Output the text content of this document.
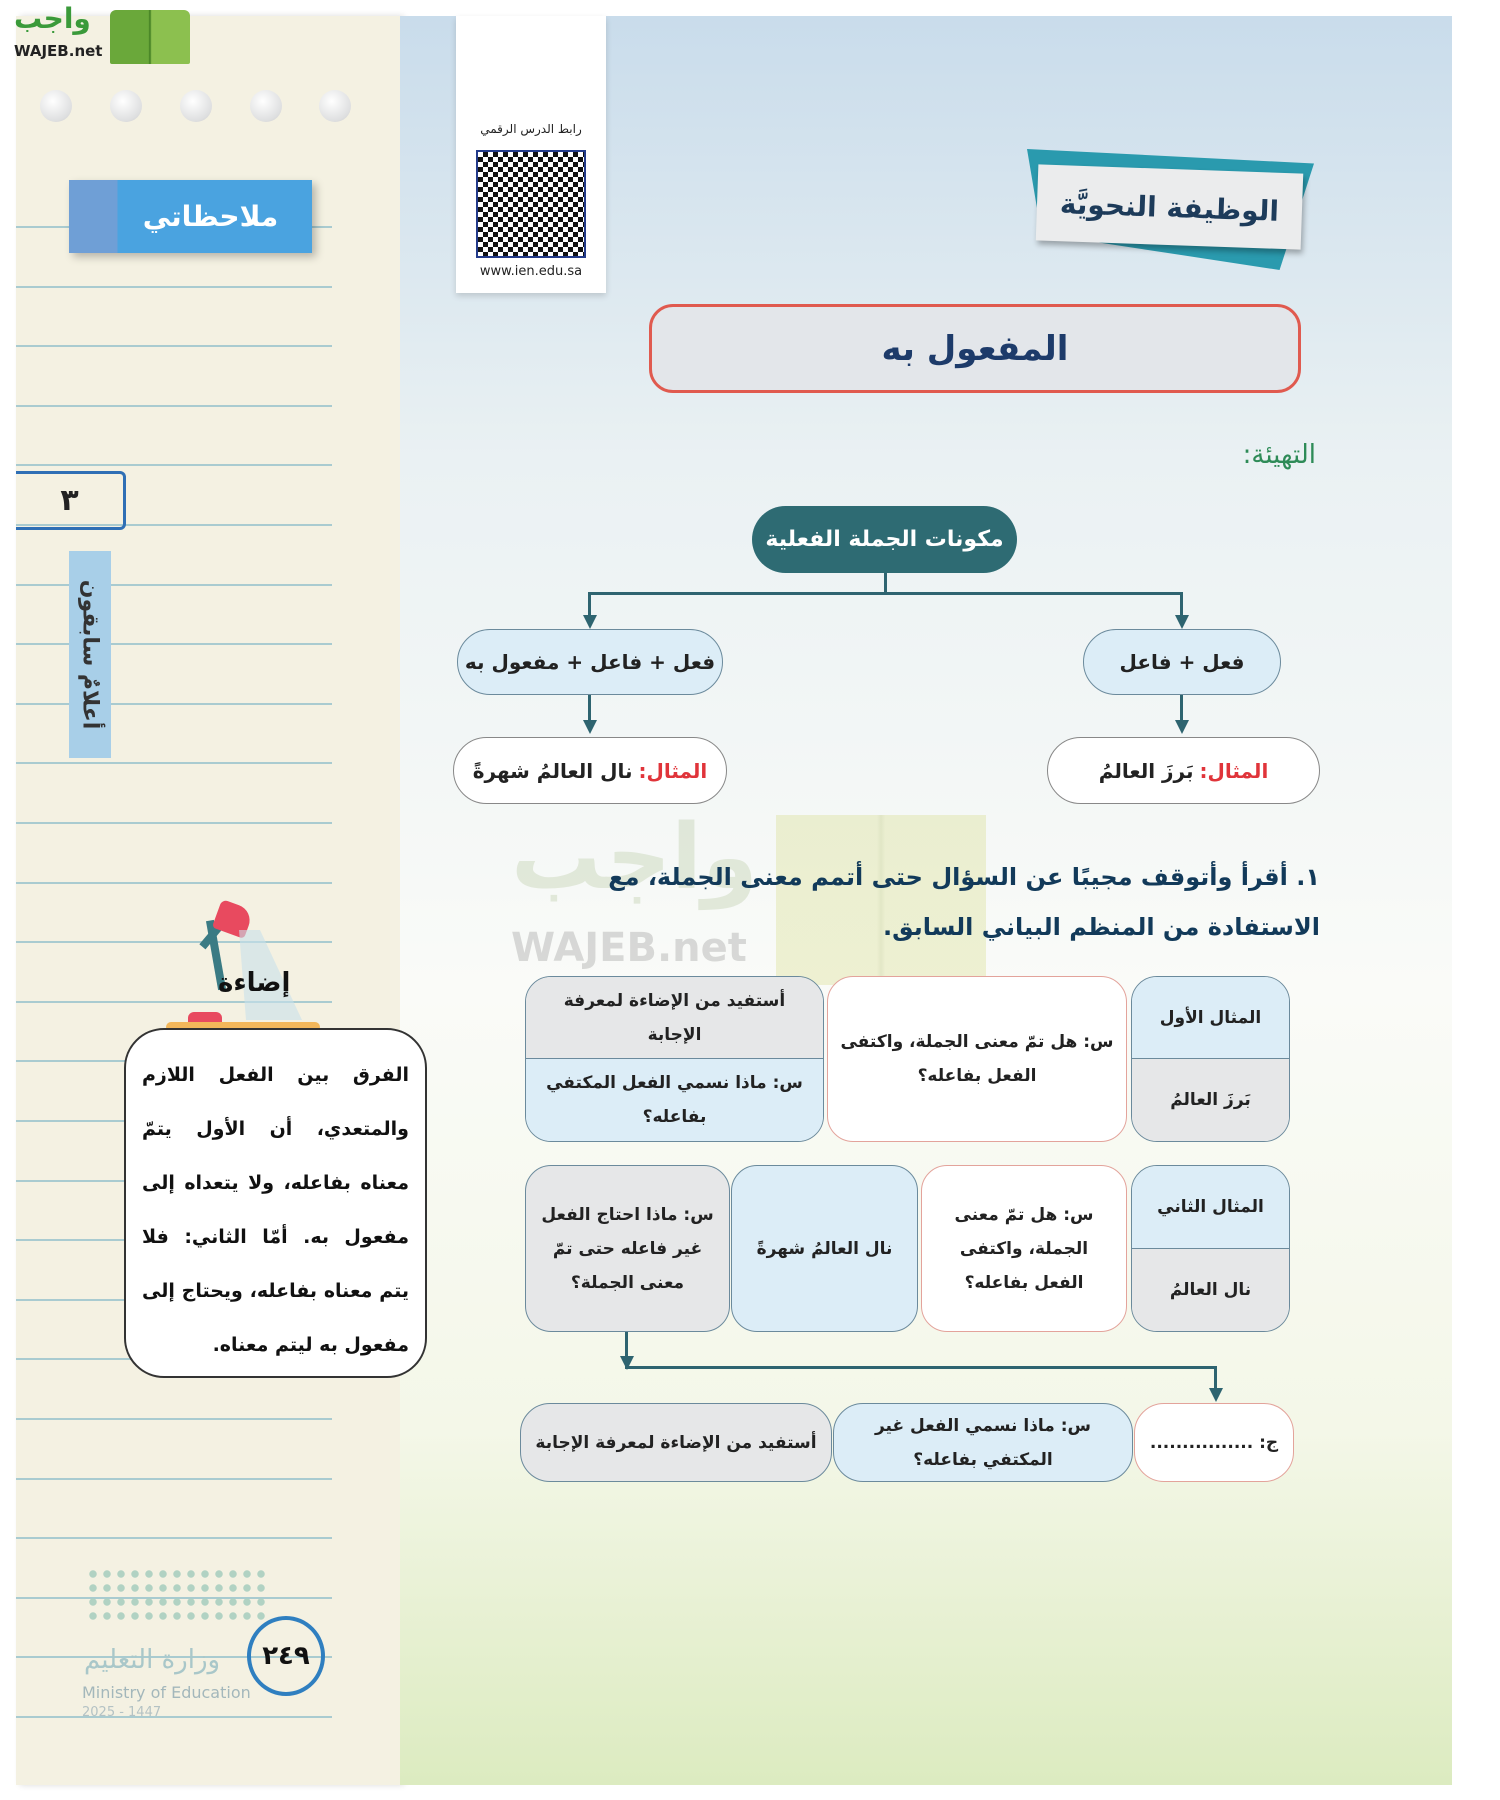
واجب
WAJEB.net
ملاحظاتي
٣
أعلامٌ سابقون
إضاءة
الفرق بين الفعل اللازم والمتعدي، أن الأول يتمّ معناه بفاعله، ولا يتعداه إلى مفعول به. أمّا الثاني: فلا يتم معناه بفاعله، ويحتاج إلى مفعول به ليتم معناه.
وزارة التعليم
Ministry of Education
2025 - 1447
٢٤٩
رابط الدرس الرقمي
www.ien.edu.sa
الوظيفة النحويَّة
المفعول به
التهيئة:
مكونات الجملة الفعلية
فعل + فاعل + مفعول به	فعل + فاعل
المثال:
نال العالمُ شهرةً	المثال:
بَرزَ العالمُ
واجب
WAJEB.net
١. أقرأ وأتوقف مجيبًا عن السؤال حتى أتمم معنى الجملة، مع الاستفادة من المنظم البياني السابق.
المثال الأول
بَرزَ العالمُ
س: هل تمّ معنى الجملة، واكتفى الفعل بفاعله؟
أستفيد من الإضاءة لمعرفة الإجابة
س: ماذا نسمي الفعل المكتفي بفاعله؟
المثال الثاني
نال العالمُ
س: هل تمّ معنى الجملة، واكتفى الفعل بفاعله؟
نال العالمُ شهرةً
س: ماذا احتاج الفعل غير فاعله حتى تمّ معنى الجملة؟
ج: ................
س: ماذا نسمي الفعل غير المكتفي بفاعله؟
أستفيد من الإضاءة لمعرفة الإجابة
